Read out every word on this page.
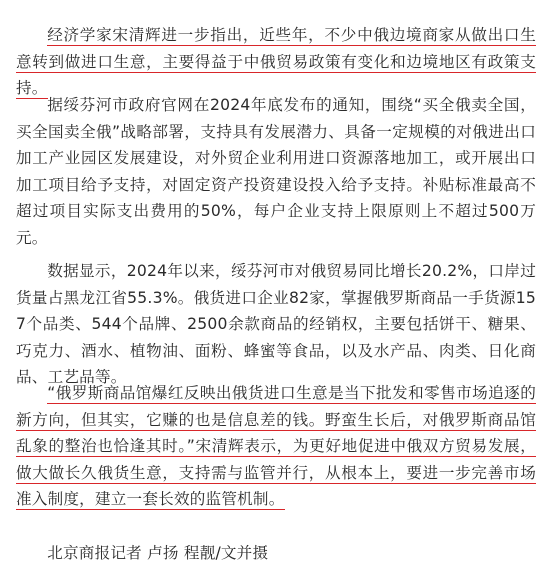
经济学家宋清辉进一步指出，近些年，不少中俄边境商家从做出口生意转到做进口生意，主要得益于中俄贸易政策有变化和边境地区有政策支持。

据绥芬河市政府官网在2024年底发布的通知，围绕“买全俄卖全国，买全国卖全俄”战略部署，支持具有发展潜力、具备一定规模的对俄进出口加工产业园区发展建设，对外贸企业利用进口资源落地加工，或开展出口加工项目给予支持，对固定资产投资建设投入给予支持。补贴标准最高不超过项目实际支出费用的50%，每户企业支持上限原则上不超过500万元。

数据显示，2024年以来，绥芬河市对俄贸易同比增长20.2%，口岸过货量占黑龙江省55.3%。俄货进口企业82家，掌握俄罗斯商品一手货源157个品类、544个品牌、2500余款商品的经销权，主要包括饼干、糖果、巧克力、酒水、植物油、面粉、蜂蜜等食品，以及水产品、肉类、日化商品、工艺品等。

“俄罗斯商品馆爆红反映出俄货进口生意是当下批发和零售市场追逐的新方向，但其实，它赚的也是信息差的钱。野蛮生长后，对俄罗斯商品馆乱象的整治也恰逢其时。”宋清辉表示，为更好地促进中俄双方贸易发展，做大做长久俄货生意，支持需与监管并行，从根本上，要进一步完善市场准入制度，建立一套长效的监管机制。

北京商报记者 卢扬 程靓/文并摄
